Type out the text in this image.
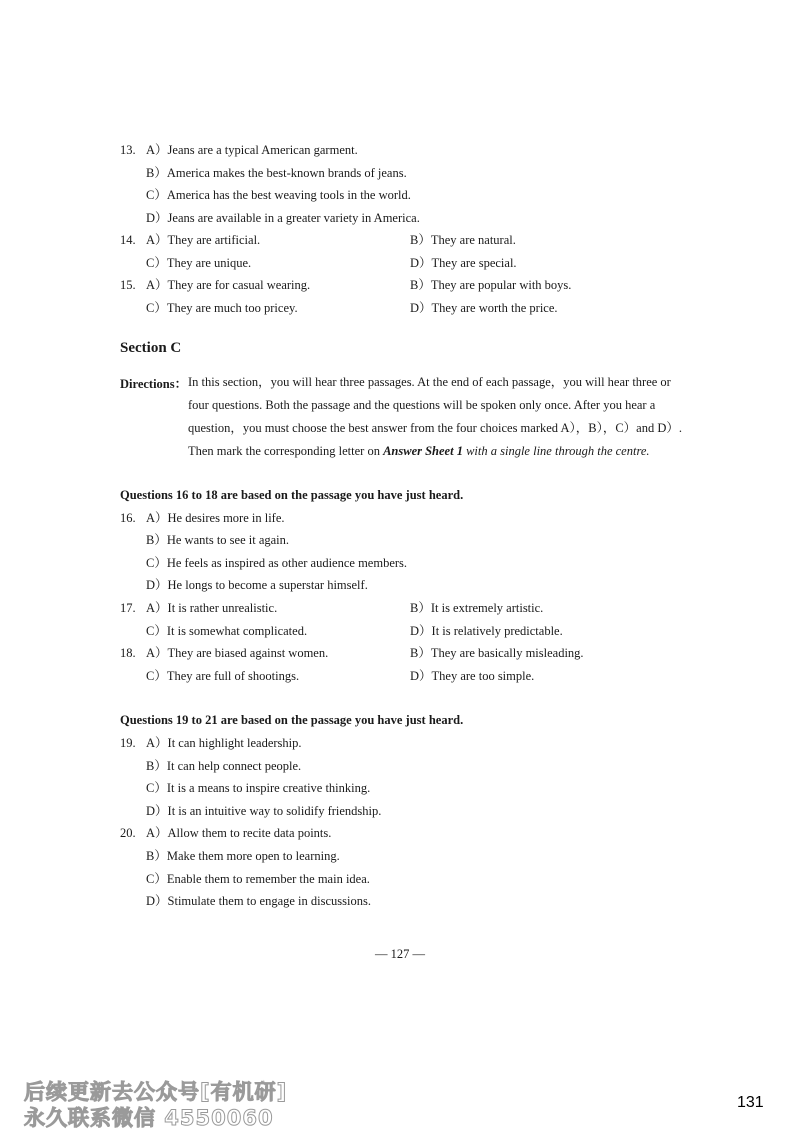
13. A）Jeans are a typical American garment.
B）America makes the best-known brands of jeans.
C）America has the best weaving tools in the world.
D）Jeans are available in a greater variety in America.
14. A）They are artificial.	B）They are natural.
C）They are unique.	D）They are special.
15. A）They are for casual wearing.	B）They are popular with boys.
C）They are much too pricey.	D）They are worth the price.
Section C
Directions： In this section，you will hear three passages. At the end of each passage，you will hear three or
four questions. Both the passage and the questions will be spoken only once. After you hear a
question，you must choose the best answer from the four choices marked A），B），C）and D）.
Then mark the corresponding letter on Answer Sheet 1 with a single line through the centre.
Questions 16 to 18 are based on the passage you have just heard.
16. A）He desires more in life.
B）He wants to see it again.
C）He feels as inspired as other audience members.
D）He longs to become a superstar himself.
17. A）It is rather unrealistic.	B）It is extremely artistic.
C）It is somewhat complicated.	D）It is relatively predictable.
18. A）They are biased against women.	B）They are basically misleading.
C）They are full of shootings.	D）They are too simple.
Questions 19 to 21 are based on the passage you have just heard.
19. A）It can highlight leadership.
B）It can help connect people.
C）It is a means to inspire creative thinking.
D）It is an intuitive way to solidify friendship.
20. A）Allow them to recite data points.
B）Make them more open to learning.
C）Enable them to remember the main idea.
D）Stimulate them to engage in discussions.
— 127 —
131
后续更新去公众号[有机研]
永久联系微信 4550060
